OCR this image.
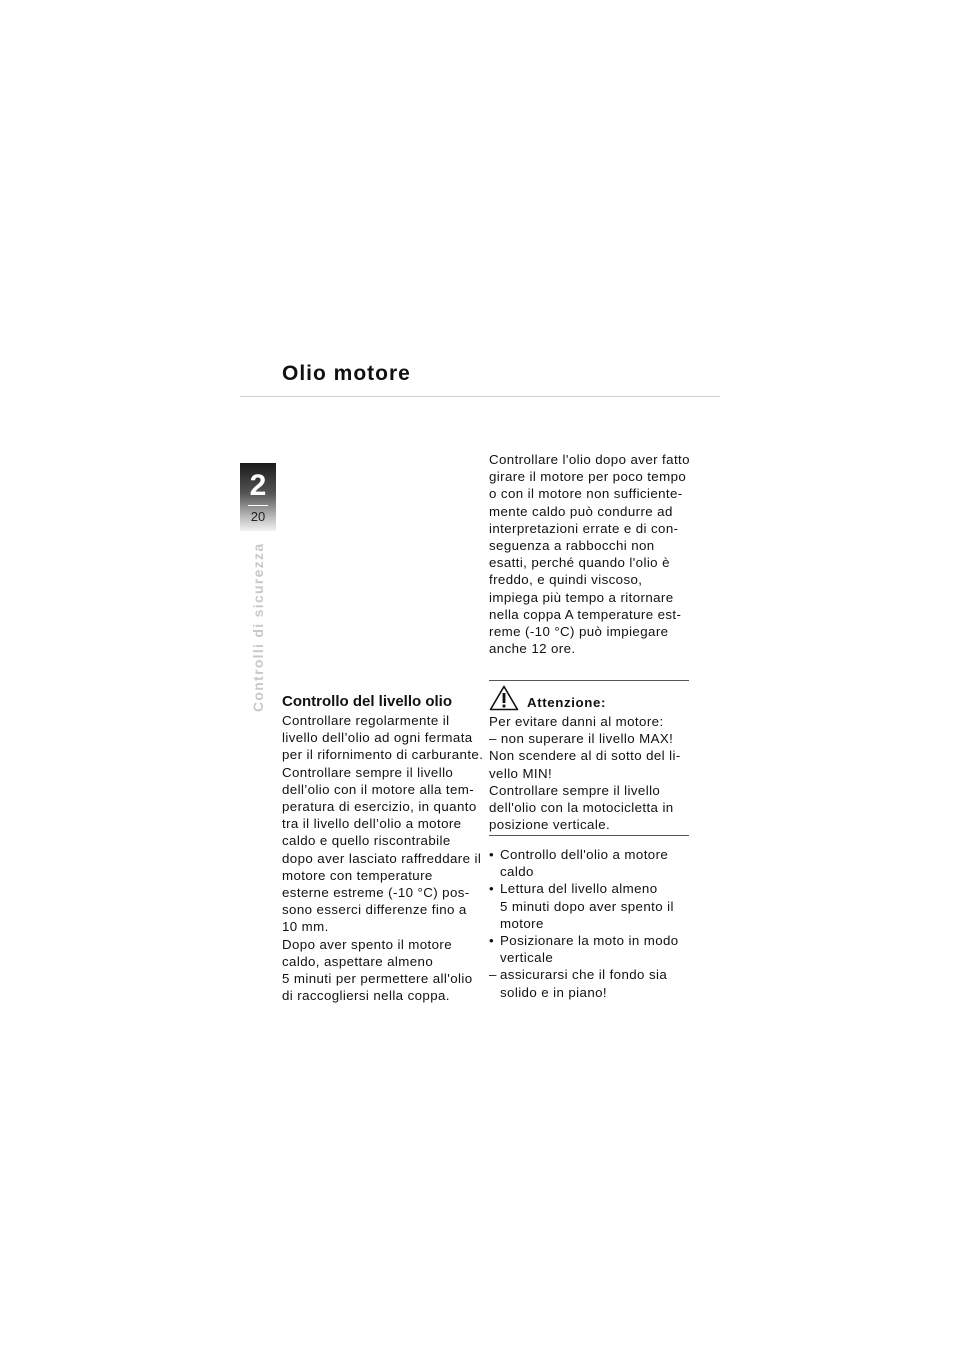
Olio motore
2
20
Controlli di sicurezza Controllo del livello olio

Controllare regolarmente il
livello dell’olio ad ogni fermata
per il rifornimento di carburante.
Controllare sempre il livello
dell’olio con il motore alla tem-
peratura di esercizio, in quanto
tra il livello dell’olio a motore
caldo e quello riscontrabile
dopo aver lasciato raffreddare il
motore con temperature
esterne estreme (-10 °C) pos-
sono esserci differenze fino a
10 mm.
Dopo aver spento il motore
caldo, aspettare almeno
5 minuti per permettere all'olio
di raccogliersi nella coppa.

Controllare l'olio dopo aver fatto
girare il motore per poco tempo
o con il motore non sufficiente-
mente caldo può condurre ad
interpretazioni errate e di con-
seguenza a rabbocchi non
esatti, perché quando l'olio è
freddo, e quindi viscoso,
impiega più tempo a ritornare
nella coppa A temperature est-
reme (-10 °C) può impiegare
anche 12 ore.

Attenzione:

Per evitare danni al motore:
– non superare il livello MAX!
Non scendere al di sotto del li-
vello MIN!
Controllare sempre il livello
dell'olio con la motocicletta in
posizione verticale.

• Controllo dell'olio a motore
caldo
• Lettura del livello almeno
5 minuti dopo aver spento il
motore
• Posizionare la moto in modo
verticale
– assicurarsi che il fondo sia
solido e in piano!
